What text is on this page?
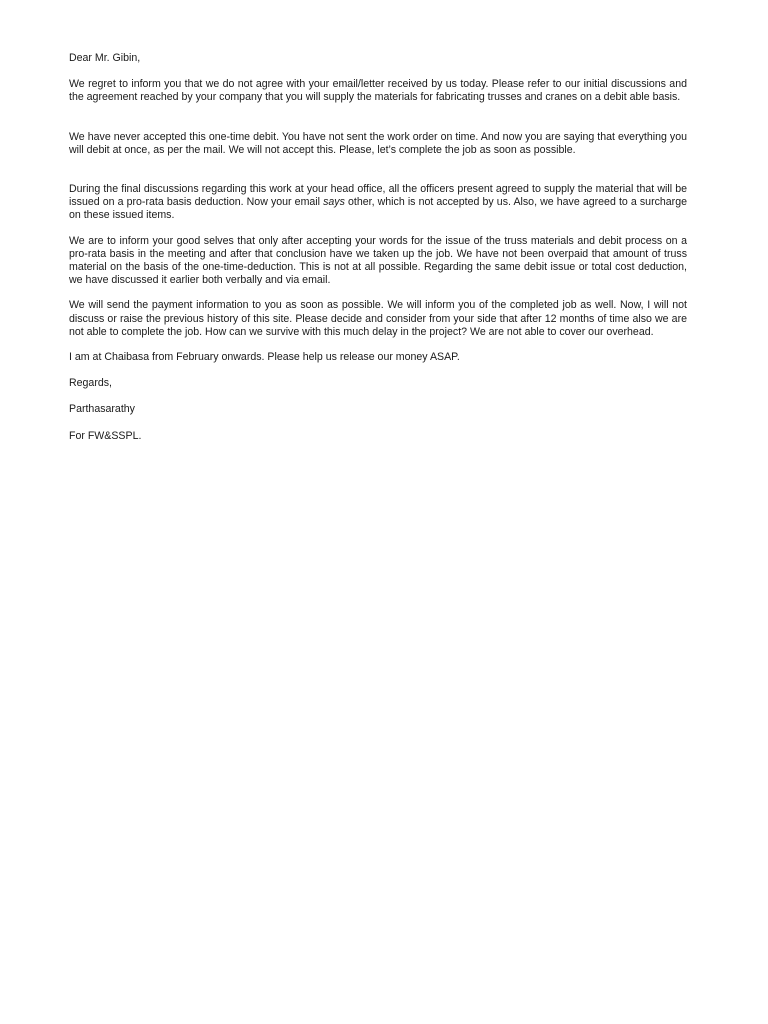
Dear Mr. Gibin,

We regret to inform you that we do not agree with your email/letter received by us today. Please refer to our initial discussions and the agreement reached by your company that you will supply the materials for fabricating trusses and cranes on a debit able basis.

We have never accepted this one-time debit. You have not sent the work order on time. And now you are saying that everything you will debit at once, as per the mail. We will not accept this. Please, let’s complete the job as soon as possible.

During the final discussions regarding this work at your head office, all the officers present agreed to supply the material that will be issued on a pro-rata basis deduction. Now your email says other, which is not accepted by us. Also, we have agreed to a surcharge on these issued items.

We are to inform your good selves that only after accepting your words for the issue of the truss materials and debit process on a pro-rata basis in the meeting and after that conclusion have we taken up the job. We have not been overpaid that amount of truss material on the basis of the one-time-deduction. This is not at all possible. Regarding the same debit issue or total cost deduction, we have discussed it earlier both verbally and via email.

We will send the payment information to you as soon as possible. We will inform you of the completed job as well. Now, I will not discuss or raise the previous history of this site. Please decide and consider from your side that after 12 months of time also we are not able to complete the job. How can we survive with this much delay in the project? We are not able to cover our overhead.

I am at Chaibasa from February onwards. Please help us release our money ASAP.

Regards,

Parthasarathy

For FW&SSPL.
